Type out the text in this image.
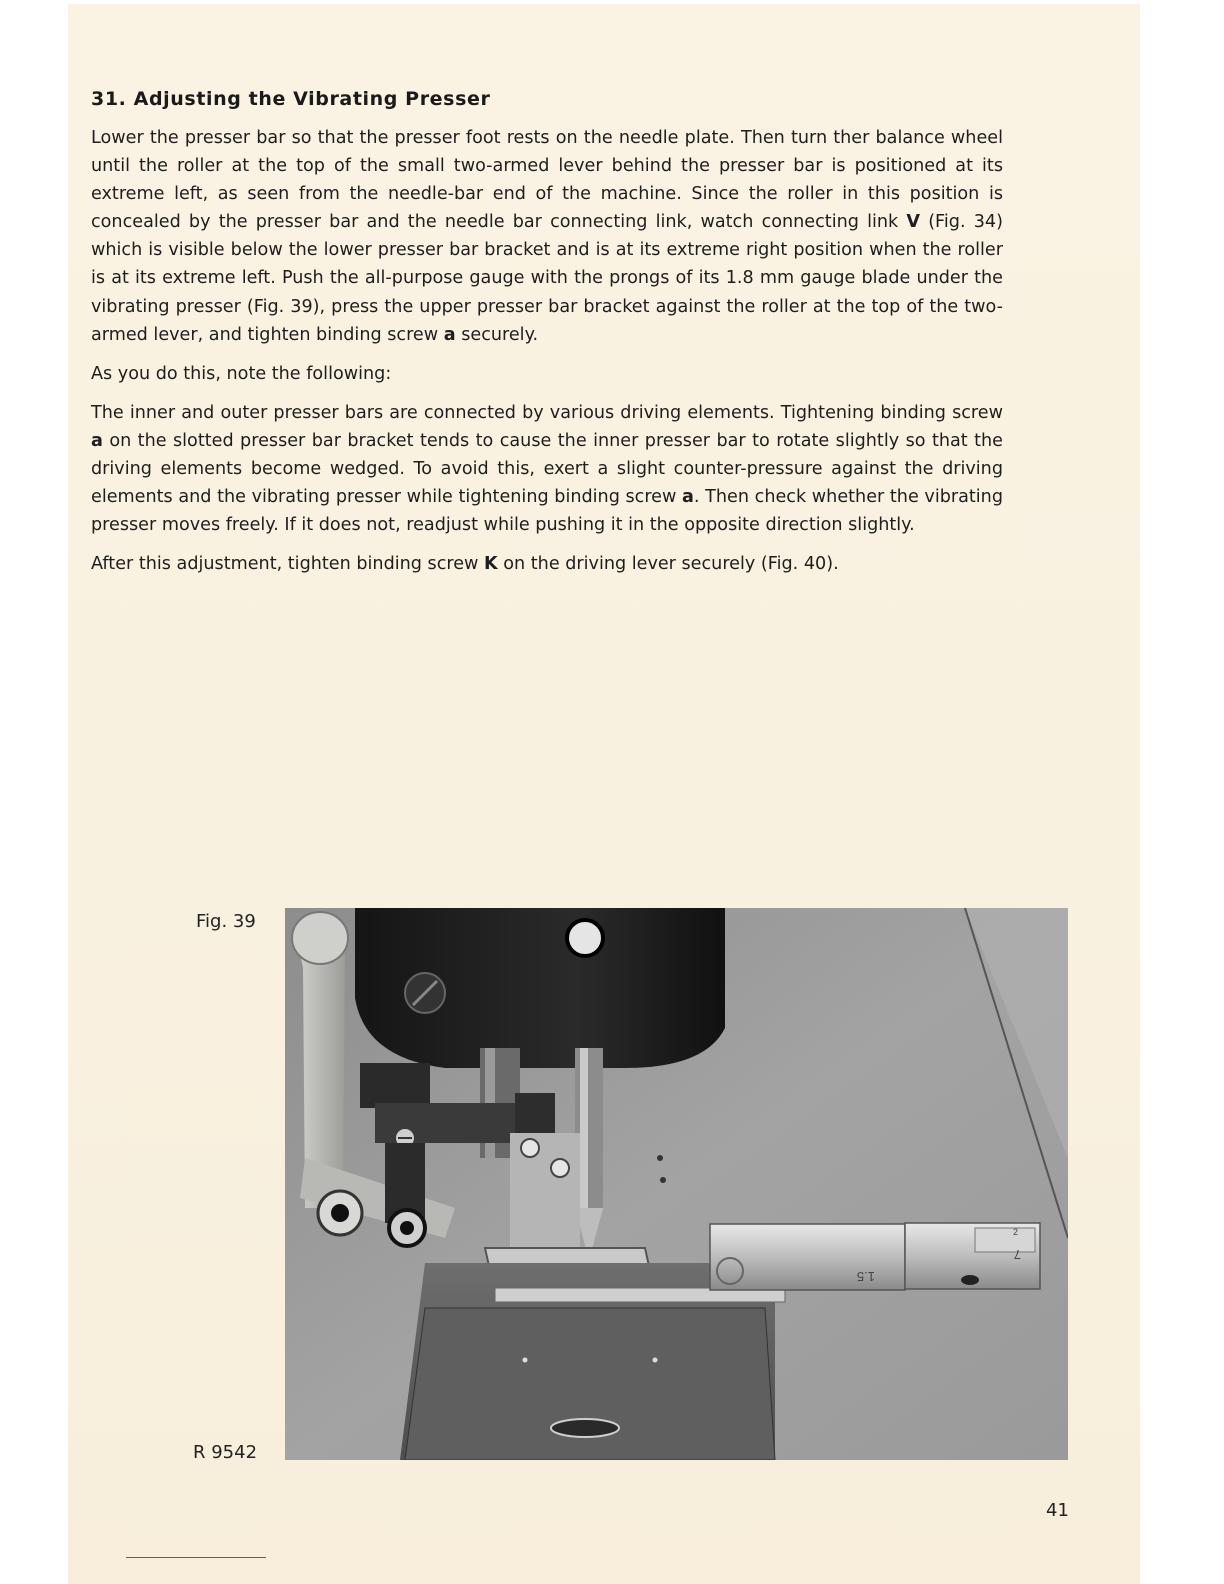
31. Adjusting the Vibrating Presser

Lower the presser bar so that the presser foot rests on the needle plate. Then turn ther balance wheel until the roller at the top of the small two-armed lever behind the presser bar is positioned at its extreme left, as seen from the needle-bar end of the machine. Since the roller in this position is concealed by the presser bar and the needle bar connecting link, watch connecting link V (Fig. 34) which is visible below the lower presser bar bracket and is at its extreme right position when the roller is at its extreme left. Push the all-purpose gauge with the prongs of its 1.8 mm gauge blade under the vibrating presser (Fig. 39), press the upper presser bar bracket against the roller at the top of the two-armed lever, and tighten binding screw a securely.

As you do this, note the following:

The inner and outer presser bars are connected by various driving elements. Tightening binding screw a on the slotted presser bar bracket tends to cause the inner presser bar to rotate slightly so that the driving elements become wedged. To avoid this, exert a slight counter-pressure against the driving elements and the vibrating presser while tightening binding screw a. Then check whether the vibrating presser moves freely. If it does not, readjust while pushing it in the opposite direction slightly.

After this adjustment, tighten binding screw K on the driving lever securely (Fig. 40).

Fig. 39
R 9542
1.5
2
7
41
